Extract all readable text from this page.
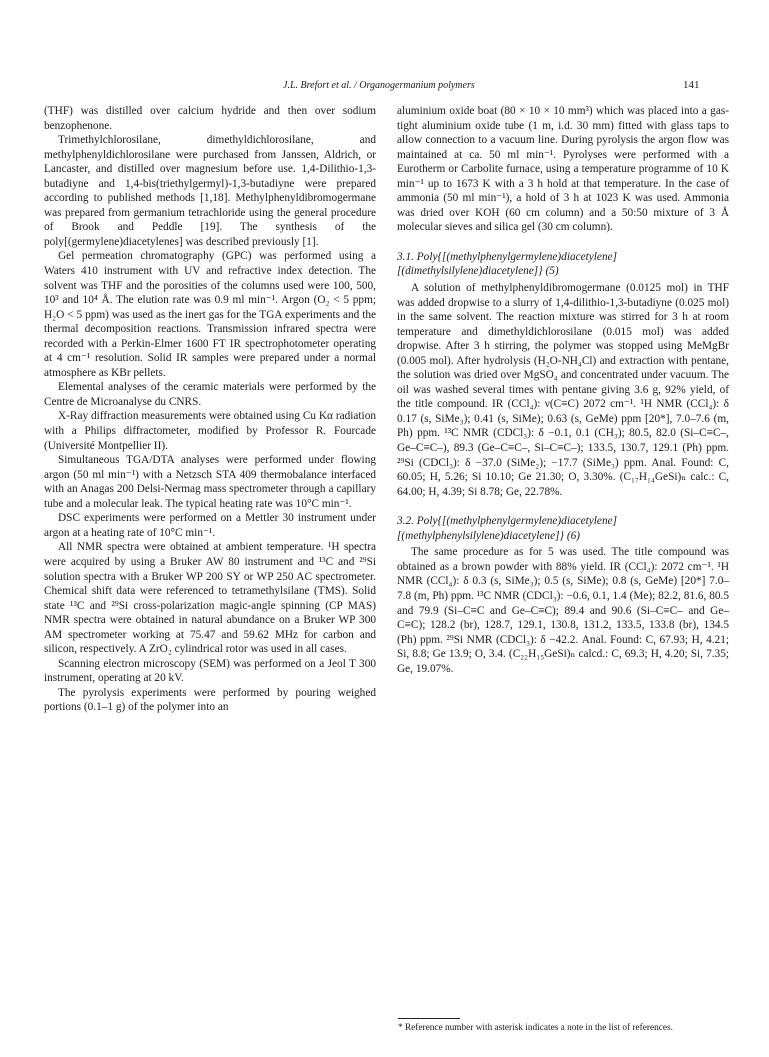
J.L. Brefort et al. / Organogermanium polymers	141

(THF) was distilled over calcium hydride and then over sodium benzophenone.

Trimethylchlorosilane, dimethyldichlorosilane, and methylphenyldichlorosilane were purchased from Janssen, Aldrich, or Lancaster, and distilled over magnesium before use. 1,4-Dilithio-1,3-butadiyne and 1,4-bis(triethylgermyl)-1,3-butadiyne were prepared according to published methods [1,18]. Methylphenyldibromogermane was prepared from germanium tetrachloride using the general procedure of Brook and Peddle [19]. The synthesis of the poly[(germylene)diacetylenes] was described previously [1].

Gel permeation chromatography (GPC) was performed using a Waters 410 instrument with UV and refractive index detection. The solvent was THF and the porosities of the columns used were 100, 500, 10³ and 10⁴ Å. The elution rate was 0.9 ml min⁻¹. Argon (O₂ < 5 ppm; H₂O < 5 ppm) was used as the inert gas for the TGA experiments and the thermal decomposition reactions. Transmission infrared spectra were recorded with a Perkin-Elmer 1600 FT IR spectrophotometer operating at 4 cm⁻¹ resolution. Solid IR samples were prepared under a normal atmosphere as KBr pellets.

Elemental analyses of the ceramic materials were performed by the Centre de Microanalyse du CNRS.

X-Ray diffraction measurements were obtained using Cu Kα radiation with a Philips diffractometer, modified by Professor R. Fourcade (Université Montpellier II).

Simultaneous TGA/DTA analyses were performed under flowing argon (50 ml min⁻¹) with a Netzsch STA 409 thermobalance interfaced with an Anagas 200 Delsi-Nermag mass spectrometer through a capillary tube and a molecular leak. The typical heating rate was 10°C min⁻¹.

DSC experiments were performed on a Mettler 30 instrument under argon at a heating rate of 10°C min⁻¹.

All NMR spectra were obtained at ambient temperature. ¹H spectra were acquired by using a Bruker AW 80 instrument and ¹³C and ²⁹Si solution spectra with a Bruker WP 200 SY or WP 250 AC spectrometer. Chemical shift data were referenced to tetramethylsilane (TMS). Solid state ¹³C and ²⁹Si cross-polarization magic-angle spinning (CP MAS) NMR spectra were obtained in natural abundance on a Bruker WP 300 AM spectrometer working at 75.47 and 59.62 MHz for carbon and silicon, respectively. A ZrO₂ cylindrical rotor was used in all cases.

Scanning electron microscopy (SEM) was performed on a Jeol T 300 instrument, operating at 20 kV.

The pyrolysis experiments were performed by pouring weighed portions (0.1–1 g) of the polymer into an

aluminium oxide boat (80 × 10 × 10 mm³) which was placed into a gas-tight aluminium oxide tube (1 m, i.d. 30 mm) fitted with glass taps to allow connection to a vacuum line. During pyrolysis the argon flow was maintained at ca. 50 ml min⁻¹. Pyrolyses were performed with a Eurotherm or Carbolite furnace, using a temperature programme of 10 K min⁻¹ up to 1673 K with a 3 h hold at that temperature. In the case of ammonia (50 ml min⁻¹), a hold of 3 h at 1023 K was used. Ammonia was dried over KOH (60 cm column) and a 50:50 mixture of 3 Å molecular sieves and silica gel (30 cm column).

3.1. Poly{[(methylphenylgermylene)diacetylene] [(dimethylsilylene)diacetylene]} (5)

A solution of methylphenyldibromogermane (0.0125 mol) in THF was added dropwise to a slurry of 1,4-dilithio-1,3-butadiyne (0.025 mol) in the same solvent. The reaction mixture was stirred for 3 h at room temperature and dimethyldichlorosilane (0.015 mol) was added dropwise. After 3 h stirring, the polymer was stopped using MeMgBr (0.005 mol). After hydrolysis (H₂O-NH₄Cl) and extraction with pentane, the solution was dried over MgSO₄ and concentrated under vacuum. The oil was washed several times with pentane giving 3.6 g, 92% yield, of the title compound. IR (CCl₄): ν(C≡C) 2072 cm⁻¹. ¹H NMR (CCl₄): δ 0.17 (s, SiMe₃); 0.41 (s, SiMe); 0.63 (s, GeMe) ppm [20*], 7.0–7.6 (m, Ph) ppm. ¹³C NMR (CDCl₃): δ −0.1, 0.1 (CH₃); 80.5, 82.0 (Si–C≡C–, Ge–C≡C–), 89.3 (Ge–C≡C–, Si–C≡C–); 133.5, 130.7, 129.1 (Ph) ppm. ²⁹Si (CDCl₃): δ −37.0 (SiMe₂); −17.7 (SiMe₃) ppm. Anal. Found: C, 60.05; H, 5.26; Si 10.10; Ge 21.30; O, 3.30%. (C₁₇H₁₄GeSi)ₙ calc.: C, 64.00; H, 4.39; Si 8.78; Ge, 22.78%.

3.2. Poly{[(methylphenylgermylene)diacetylene] [(methylphenylsilylene)diacetylene]} (6)

The same procedure as for 5 was used. The title compound was obtained as a brown powder with 88% yield. IR (CCl₄): 2072 cm⁻¹. ¹H NMR (CCl₄): δ 0.3 (s, SiMe₃); 0.5 (s, SiMe); 0.8 (s, GeMe) [20*] 7.0–7.8 (m, Ph) ppm. ¹³C NMR (CDCl₃): −0.6, 0.1, 1.4 (Me); 82.2, 81.6, 80.5 and 79.9 (Si–C≡C and Ge–C≡C); 89.4 and 90.6 (Si–C≡C– and Ge–C≡C); 128.2 (br), 128.7, 129.1, 130.8, 131.2, 133.5, 133.8 (br), 134.5 (Ph) ppm. ²⁹Si NMR (CDCl₃): δ −42.2. Anal. Found: C, 67.93; H, 4.21; Si, 8.8; Ge 13.9; O, 3.4. (C₂₂H₁₅GeSi)ₙ calcd.: C, 69.3; H, 4.20; Si, 7.35; Ge, 19.07%.

* Reference number with asterisk indicates a note in the list of references.
